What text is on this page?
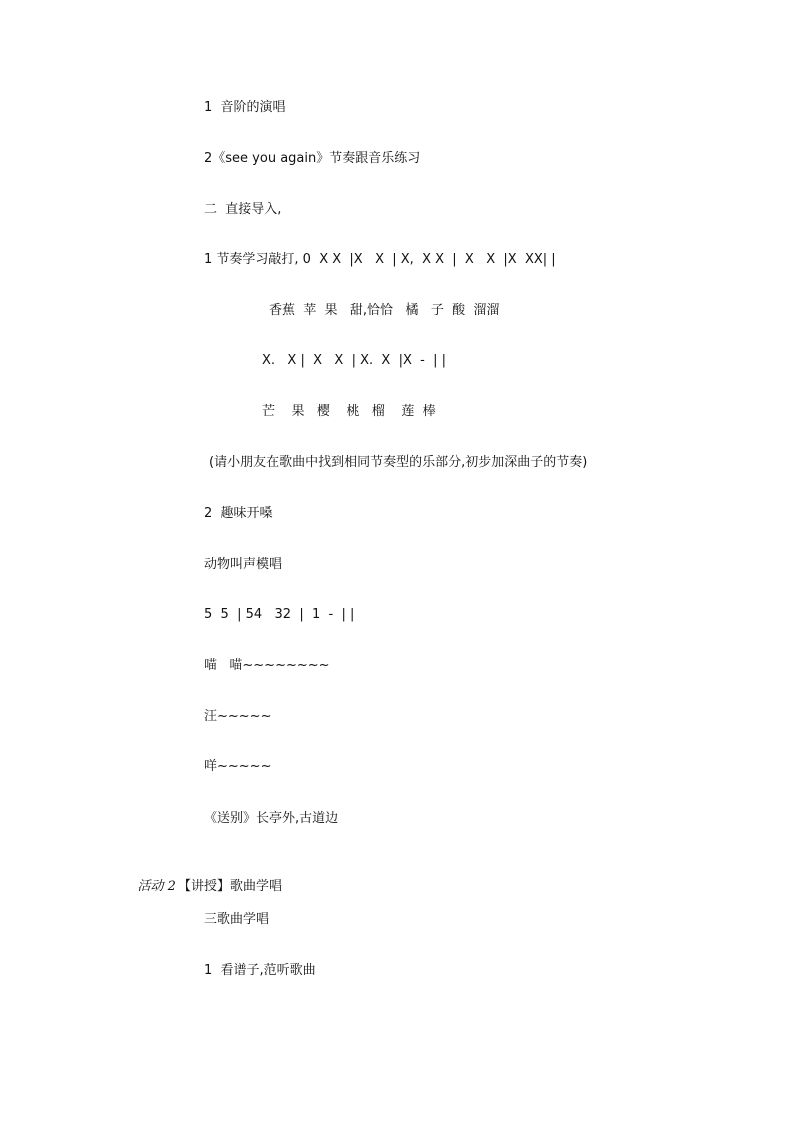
1  音阶的演唱
2《see you again》节奏跟音乐练习
二  直接导入,
1 节奏学习敲打, 0  X X  |X   X  | X,  X X  |  X   X  |X  XX| |
香蕉  苹  果   甜,恰恰   橘   子  酸  溜溜
X.   X |  X   X  | X.  X  |X  -  | |
芒    果   樱    桃   榴    莲  棒
(请小朋友在歌曲中找到相同节奏型的乐部分,初步加深曲子的节奏)
2  趣味开嗓
动物叫声模唱
5  5  | 54   32  |  1  -  | |
喵   喵~~~~~~~~
汪~~~~~
咩~~~~~
《送别》长亭外,古道边

活动 2 【讲授】歌曲学唱

三歌曲学唱
1  看谱子,范听歌曲
